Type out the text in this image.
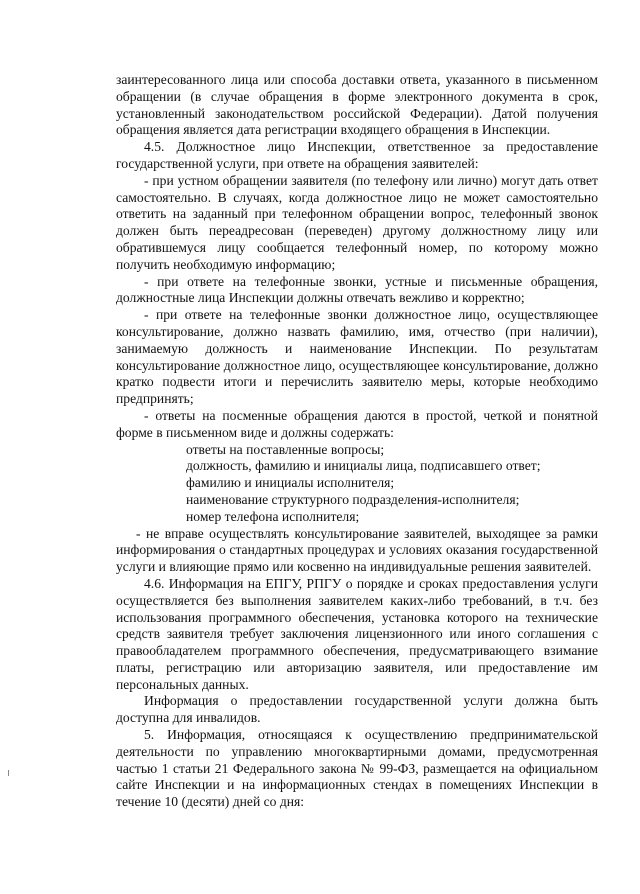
заинтересованного лица или способа доставки ответа, указанного в письменном обращении (в случае обращения в форме электронного документа в срок, установленный законодательством российской Федерации). Датой получения обращения является дата регистрации входящего обращения в Инспекции.

4.5. Должностное лицо Инспекции, ответственное за предоставление государственной услуги, при ответе на обращения заявителей:

- при устном обращении заявителя (по телефону или лично) могут дать ответ самостоятельно. В случаях, когда должностное лицо не может самостоятельно ответить на заданный при телефонном обращении вопрос, телефонный звонок должен быть переадресован (переведен) другому должностному лицу или обратившемуся лицу сообщается телефонный номер, по которому можно получить необходимую информацию;

- при ответе на телефонные звонки, устные и письменные обращения, должностные лица Инспекции должны отвечать вежливо и корректно;

- при ответе на телефонные звонки должностное лицо, осуществляющее консультирование, должно назвать фамилию, имя, отчество (при наличии), занимаемую должность и наименование Инспекции. По результатам консультирование должностное лицо, осуществляющее консультирование, должно кратко подвести итоги и перечислить заявителю меры, которые необходимо предпринять;

- ответы на посменные обращения даются в простой, четкой и понятной форме в письменном виде и должны содержать:

ответы на поставленные вопросы;

должность, фамилию и инициалы лица, подписавшего ответ;

фамилию и инициалы исполнителя;

наименование структурного подразделения-исполнителя;

номер телефона исполнителя;

- не вправе осуществлять консультирование заявителей, выходящее за рамки информирования о стандартных процедурах и условиях оказания государственной услуги и влияющие прямо или косвенно на индивидуальные решения заявителей.

4.6. Информация на ЕПГУ, РПГУ о порядке и сроках предоставления услуги осуществляется без выполнения заявителем каких-либо требований, в т.ч. без использования программного обеспечения, установка которого на технические средств заявителя требует заключения лицензионного или иного соглашения с правообладателем программного обеспечения, предусматривающего взимание платы, регистрацию или авторизацию заявителя, или предоставление им персональных данных.

Информация о предоставлении государственной услуги должна быть доступна для инвалидов.

5. Информация, относящаяся к осуществлению предпринимательской деятельности по управлению многоквартирными домами, предусмотренная частью 1 статьи 21 Федерального закона № 99-ФЗ, размещается на официальном сайте Инспекции и на информационных стендах в помещениях Инспекции в течение 10 (десяти) дней со дня:
